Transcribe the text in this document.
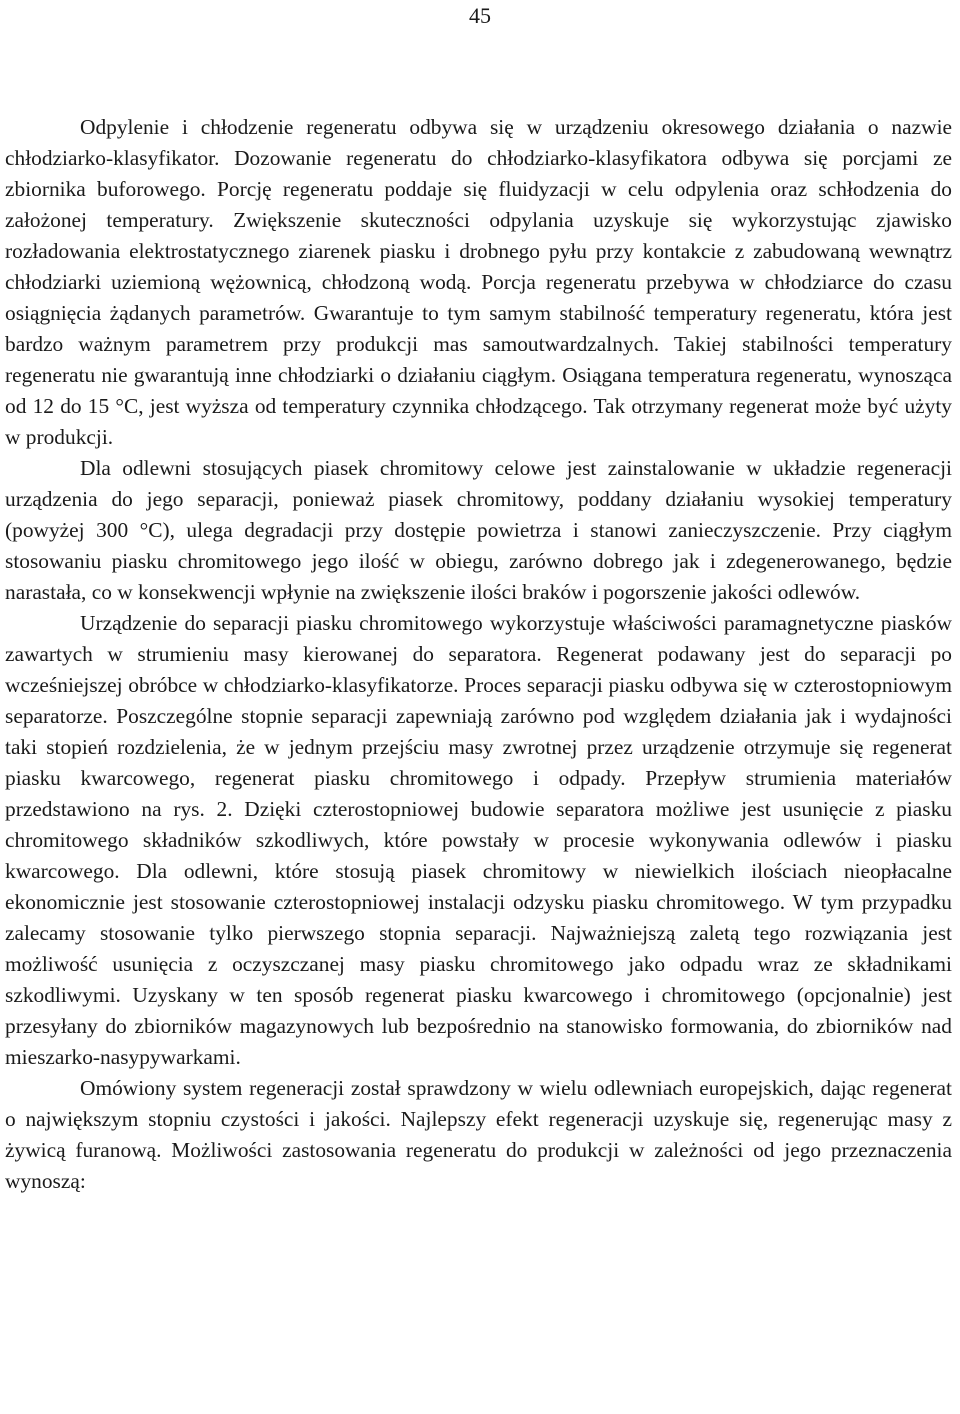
45

Odpylenie i chłodzenie regeneratu odbywa się w urządzeniu okresowego działania o nazwie chłodziarko-klasyfikator. Dozowanie regeneratu do chłodziarko-klasyfikatora odbywa się porcjami ze zbiornika buforowego. Porcję regeneratu poddaje się fluidyzacji w celu odpylenia oraz schłodzenia do założonej temperatury. Zwiększenie skuteczności odpylania uzyskuje się wykorzystując zjawisko rozładowania elektrostatycznego ziarenek piasku i drobnego pyłu przy kontakcie z zabudowaną wewnątrz chłodziarki uziemioną wężownicą, chłodzoną wodą. Porcja regeneratu przebywa w chłodziarce do czasu osiągnięcia żądanych parametrów. Gwarantuje to tym samym stabilność temperatury regeneratu, która jest bardzo ważnym parametrem przy produkcji mas samoutwardzalnych. Takiej stabilności temperatury regeneratu nie gwarantują inne chłodziarki o działaniu ciągłym. Osiągana temperatura regeneratu, wynosząca od 12 do 15 °C, jest wyższa od temperatury czynnika chłodzącego. Tak otrzymany regenerat może być użyty w produkcji.

Dla odlewni stosujących piasek chromitowy celowe jest zainstalowanie w układzie regeneracji urządzenia do jego separacji, ponieważ piasek chromitowy, poddany działaniu wysokiej temperatury (powyżej 300 °C), ulega degradacji przy dostępie powietrza i stanowi zanieczyszczenie. Przy ciągłym stosowaniu piasku chromitowego jego ilość w obiegu, zarówno dobrego jak i zdegenerowanego, będzie narastała, co w konsekwencji wpłynie na zwiększenie ilości braków i pogorszenie jakości odlewów.

Urządzenie do separacji piasku chromitowego wykorzystuje właściwości paramagnetyczne piasków zawartych w strumieniu masy kierowanej do separatora. Regenerat podawany jest do separacji po wcześniejszej obróbce w chłodziarko-klasyfikatorze. Proces separacji piasku odbywa się w czterostopniowym separatorze. Poszczególne stopnie separacji zapewniają zarówno pod względem działania jak i wydajności taki stopień rozdzielenia, że w jednym przejściu masy zwrotnej przez urządzenie otrzymuje się regenerat piasku kwarcowego, regenerat piasku chromitowego i odpady. Przepływ strumienia materiałów przedstawiono na rys. 2. Dzięki czterostopniowej budowie separatora możliwe jest usunięcie z piasku chromitowego składników szkodliwych, które powstały w procesie wykonywania odlewów i piasku kwarcowego. Dla odlewni, które stosują piasek chromitowy w niewielkich ilościach nieopłacalne ekonomicznie jest stosowanie czterostopniowej instalacji odzysku piasku chromitowego. W tym przypadku zalecamy stosowanie tylko pierwszego stopnia separacji. Najważniejszą zaletą tego rozwiązania jest możliwość usunięcia z oczyszczanej masy piasku chromitowego jako odpadu wraz ze składnikami szkodliwymi. Uzyskany w ten sposób regenerat piasku kwarcowego i chromitowego (opcjonalnie) jest przesyłany do zbiorników magazynowych lub bezpośrednio na stanowisko formowania, do zbiorników nad mieszarko-nasypywarkami.

Omówiony system regeneracji został sprawdzony w wielu odlewniach europejskich, dając regenerat o największym stopniu czystości i jakości. Najlepszy efekt regeneracji uzyskuje się, regenerując masy z żywicą furanową. Możliwości zastosowania regeneratu do produkcji w zależności od jego przeznaczenia wynoszą:
